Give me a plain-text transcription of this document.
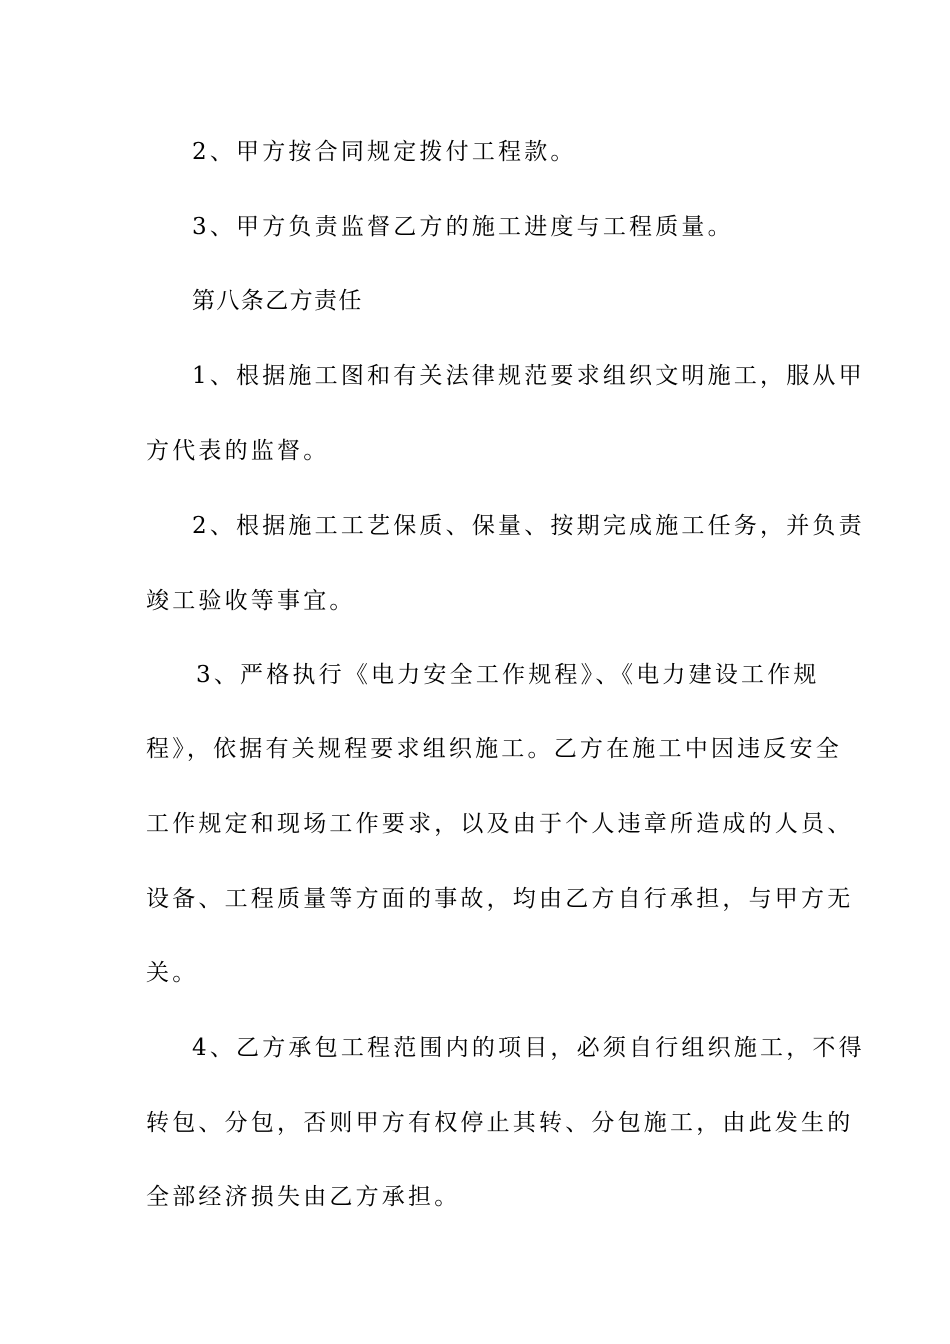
2、甲方按合同规定拨付工程款。
3、甲方负责监督乙方的施工进度与工程质量。
第八条乙方责任
1、根据施工图和有关法律规范要求组织文明施工，服从甲
方代表的监督。
2、根据施工工艺保质、保量、按期完成施工任务，并负责
竣工验收等事宜。
3、严格执行《电力安全工作规程》、《电力建设工作规
程》，依据有关规程要求组织施工。乙方在施工中因违反安全
工作规定和现场工作要求，以及由于个人违章所造成的人员、
设备、工程质量等方面的事故，均由乙方自行承担，与甲方无
关。
4、乙方承包工程范围内的项目，必须自行组织施工，不得
转包、分包，否则甲方有权停止其转、分包施工，由此发生的
全部经济损失由乙方承担。
